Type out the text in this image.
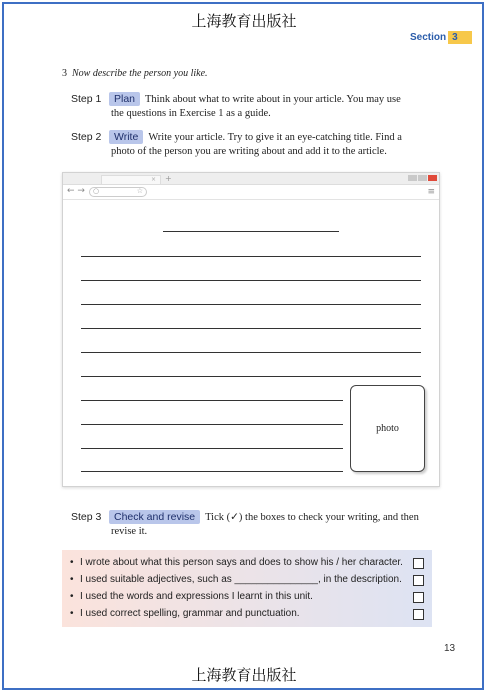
上海教育出版社
Section 3
3 Now describe the person you like.
Step 1 Plan Think about what to write about in your article. You may use
the questions in Exercise 1 as a guide.
Step 2 Write Write your article. Try to give it an eye-catching title. Find a
photo of the person you are writing about and add it to the article.
×	+
← → ○	☆	≡
photo
Step 3 Check and revise Tick (✓) the boxes to check your writing, and then
revise it.
• I wrote about what this person says and does to show his / her character.
• I used suitable adjectives, such as _______________, in the description.
• I used the words and expressions I learnt in this unit.
• I used correct spelling, grammar and punctuation.
13
上海教育出版社
